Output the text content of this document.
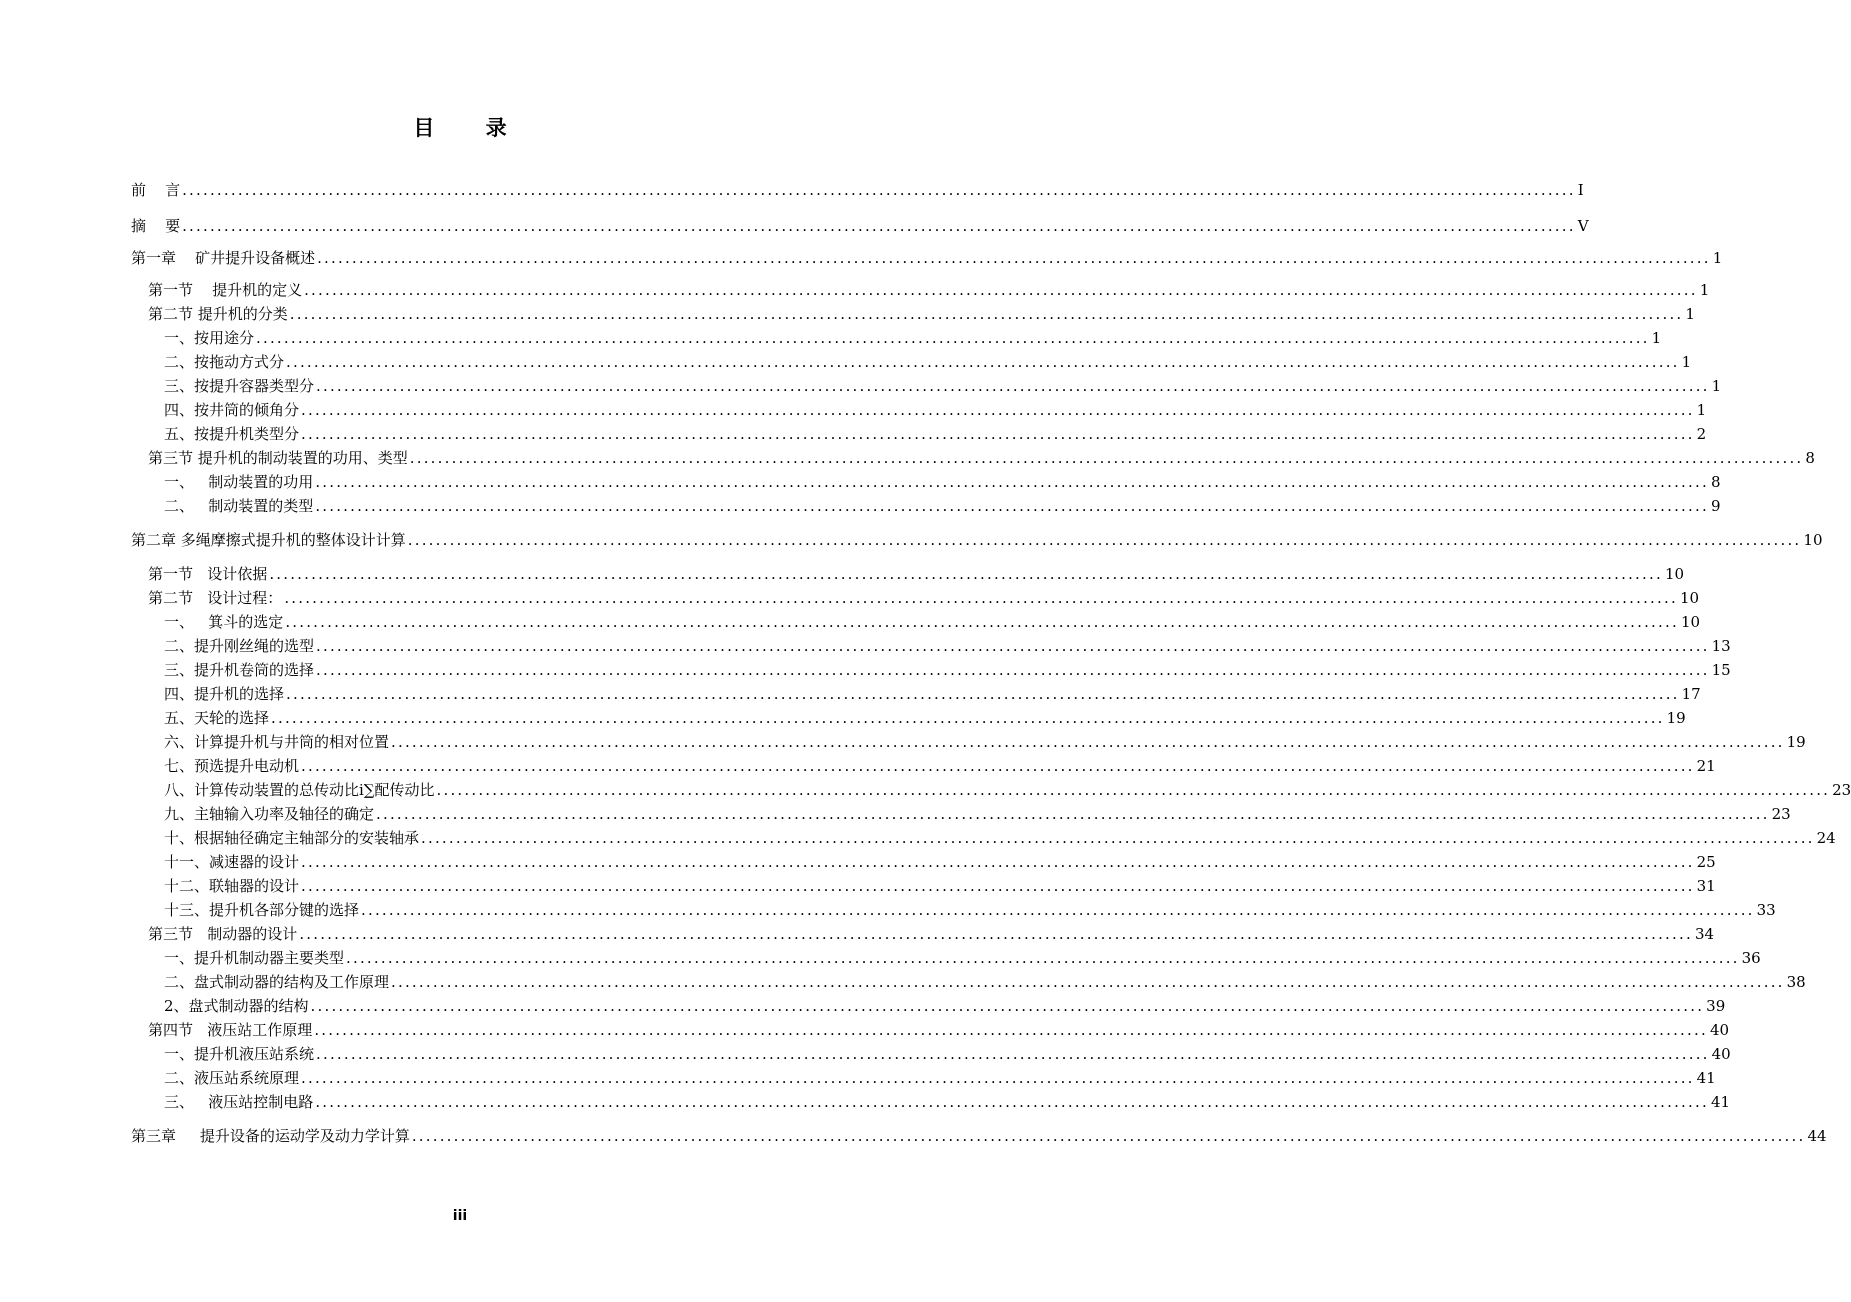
目 录
前    言 ........................................................................................................................................................................................................ I
摘    要 ........................................................................................................................................................................................................ V
第一章    矿井提升设备概述 ........................................................................................................................................................................................................ 1
第一节    提升机的定义 ........................................................................................................................................................................................................ 1
第二节 提升机的分类 ........................................................................................................................................................................................................ 1
一、按用途分 ........................................................................................................................................................................................................ 1
二、按拖动方式分 ........................................................................................................................................................................................................ 1
三、按提升容器类型分 ........................................................................................................................................................................................................ 1
四、按井筒的倾角分 ........................................................................................................................................................................................................ 1
五、按提升机类型分 ........................................................................................................................................................................................................ 2
第三节 提升机的制动装置的功用、类型 ........................................................................................................................................................................................................ 8
一、   制动装置的功用 ........................................................................................................................................................................................................ 8
二、   制动装置的类型 ........................................................................................................................................................................................................ 9
第二章 多绳摩擦式提升机的整体设计计算 ........................................................................................................................................................................................................ 10
第一节   设计依据 ........................................................................................................................................................................................................ 10
第二节   设计过程： ........................................................................................................................................................................................................ 10
一、   箕斗的选定 ........................................................................................................................................................................................................ 10
二、提升刚丝绳的选型 ........................................................................................................................................................................................................ 13
三、提升机卷筒的选择 ........................................................................................................................................................................................................ 15
四、提升机的选择 ........................................................................................................................................................................................................ 17
五、天轮的选择 ........................................................................................................................................................................................................ 19
六、计算提升机与井筒的相对位置 ........................................................................................................................................................................................................ 19
七、预选提升电动机 ........................................................................................................................................................................................................ 21
八、计算传动装置的总传动比i∑配传动比 ........................................................................................................................................................................................................ 23
九、主轴输入功率及轴径的确定 ........................................................................................................................................................................................................ 23
十、根据轴径确定主轴部分的安装轴承 ........................................................................................................................................................................................................ 24
十一、减速器的设计 ........................................................................................................................................................................................................ 25
十二、联轴器的设计 ........................................................................................................................................................................................................ 31
十三、提升机各部分键的选择 ........................................................................................................................................................................................................ 33
第三节   制动器的设计 ........................................................................................................................................................................................................ 34
一、提升机制动器主要类型 ........................................................................................................................................................................................................ 36
二、盘式制动器的结构及工作原理 ........................................................................................................................................................................................................ 38
2、盘式制动器的结构 ........................................................................................................................................................................................................ 39
第四节   液压站工作原理 ........................................................................................................................................................................................................ 40
一、提升机液压站系统 ........................................................................................................................................................................................................ 40
二、液压站系统原理 ........................................................................................................................................................................................................ 41
三、   液压站控制电路 ........................................................................................................................................................................................................ 41
第三章     提升设备的运动学及动力学计算 ........................................................................................................................................................................................................ 44
iii
